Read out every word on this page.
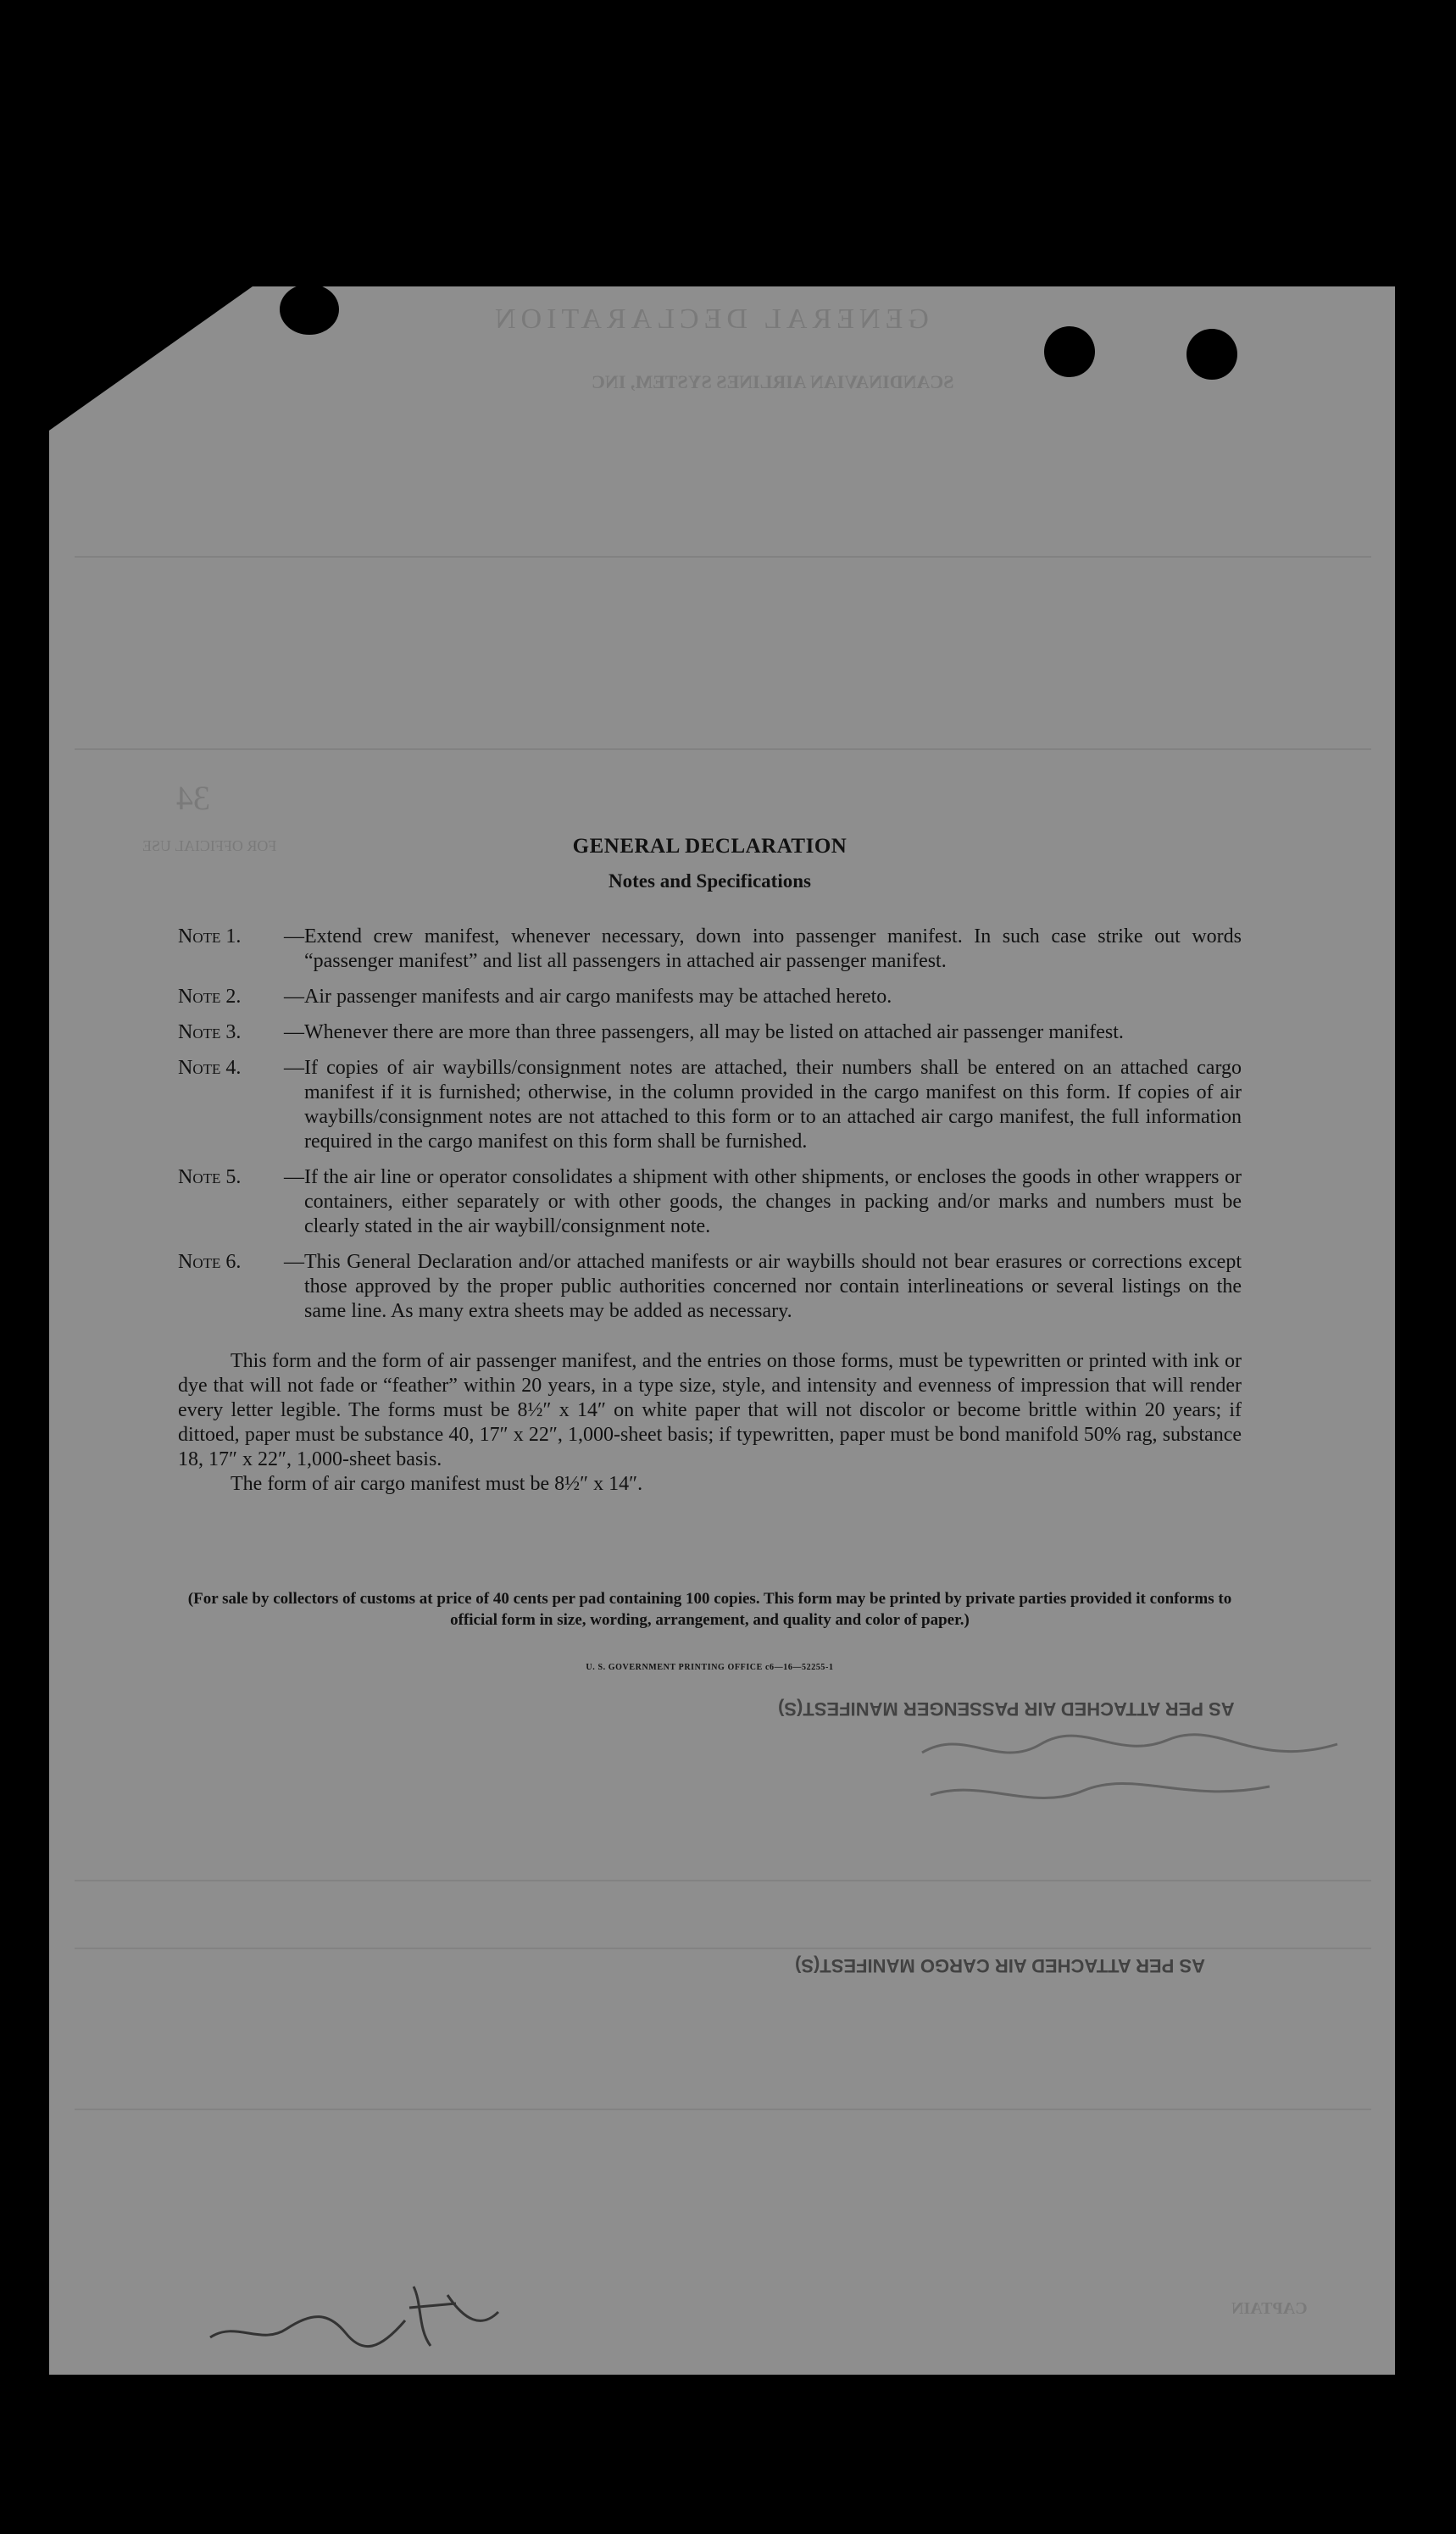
GENERAL DECLARATION
SCANDINAVIAN AIRLINES SYSTEM, INC
34
FOR OFFICIAL USE
CAPTAIN
AS PER ATTACHED AIR PASSENGER MANIFEST(S)
AS PER ATTACHED AIR CARGO MANIFEST(S)
GENERAL DECLARATION
Notes and Specifications
Note 1.	— Extend crew manifest, whenever necessary, down into passenger manifest. In such case strike out words “passenger manifest” and list all passengers in attached air passenger manifest.
Note 2.	— Air passenger manifests and air cargo manifests may be attached hereto.
Note 3.	— Whenever there are more than three passengers, all may be listed on attached air passenger manifest.
Note 4.	— If copies of air waybills/consignment notes are attached, their numbers shall be entered on an attached cargo manifest if it is furnished; otherwise, in the column provided in the cargo manifest on this form. If copies of air waybills/consignment notes are not attached to this form or to an attached air cargo manifest, the full information required in the cargo manifest on this form shall be furnished.
Note 5.	— If the air line or operator consolidates a shipment with other shipments, or encloses the goods in other wrappers or containers, either separately or with other goods, the changes in packing and/or marks and numbers must be clearly stated in the air waybill/consignment note.
Note 6.	— This General Declaration and/or attached manifests or air waybills should not bear erasures or corrections except those approved by the proper public authorities concerned nor contain interlineations or several listings on the same line. As many extra sheets may be added as necessary.

This form and the form of air passenger manifest, and the entries on those forms, must be typewritten or printed with ink or dye that will not fade or “feather” within 20 years, in a type size, style, and intensity and evenness of impression that will render every letter legible. The forms must be 8½″ x 14″ on white paper that will not discolor or become brittle within 20 years; if dittoed, paper must be substance 40, 17″ x 22″, 1,000-sheet basis; if typewritten, paper must be bond manifold 50% rag, substance 18, 17″ x 22″, 1,000-sheet basis.

The form of air cargo manifest must be 8½″ x 14″.
(For sale by collectors of customs at price of 40 cents per pad containing 100 copies. This form may be printed by private parties provided it conforms to official form in size, wording, arrangement, and quality and color of paper.)
U. S. GOVERNMENT PRINTING OFFICE c6—16—52255-1
